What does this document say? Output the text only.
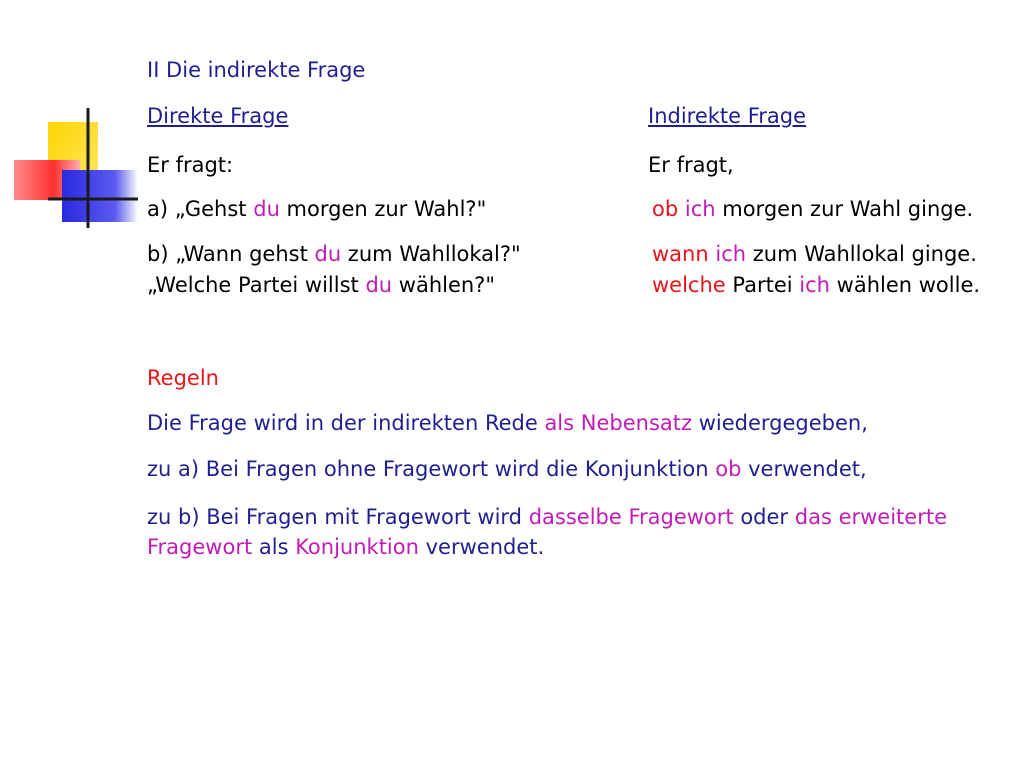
II Die indirekte Frage
Direkte Frage	Indirekte Frage
Er fragt:	Er fragt,
a) „Gehst du morgen zur Wahl?"	ob ich morgen zur Wahl ginge.
b) „Wann gehst du zum Wahllokal?"	wann ich zum Wahllokal ginge.
„Welche Partei willst du wählen?"	welche Partei ich wählen wolle.
Regeln
Die Frage wird in der indirekten Rede als Nebensatz wiedergegeben,
zu a) Bei Fragen ohne Fragewort wird die Konjunktion ob verwendet,
zu b) Bei Fragen mit Fragewort wird dasselbe Fragewort oder das erweiterte
Fragewort als Konjunktion verwendet.
